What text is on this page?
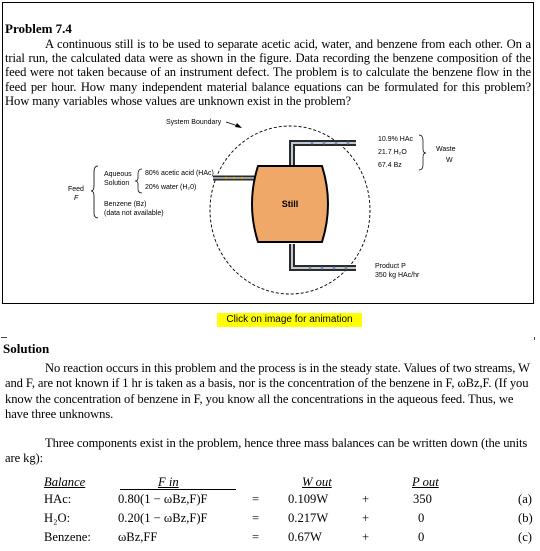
Problem 7.4
A continuous still is to be used to separate acetic acid, water, and benzene from each other. On a trial run, the calculated data were as shown in the figure. Data recording the benzene composition of the feed were not taken because of an instrument defect. The problem is to calculate the benzene flow in the feed per hour. How many independent material balance equations can be formulated for this problem? How many variables whose values are unknown exist in the problem?
System Boundary
Still
Feed
F
Aqueous
Solution
80% acetic acid (HAc)
20% water (H₂0)
Benzene (Bz)
(data not available)
10.9% HAc
21.7 H₂O
67.4 Bz
Waste
W
Product P
350 kg HAc/hr
Click on image for animation
Solution
No reaction occurs in this problem and the process is in the steady state. Values of two streams, W and F, are not known if 1 hr is taken as a basis, nor is the concentration of the benzene in F, ωBz,F. (If you know the concentration of benzene in F, you know all the concentrations in the aqueous feed. Thus, we have three unknowns.
Three components exist in the problem, hence three mass balances can be written down (the units are kg):
Balance	F in	W out	P out
HAc:	0.80(1 − ωBz,F)F	= 0.109W	+	350	(a)
H₂O:	0.20(1 − ωBz,F)F	= 0.217W	+	0	(b)
Benzene: ωBz,FF	= 0.67W	+	0	(c)
